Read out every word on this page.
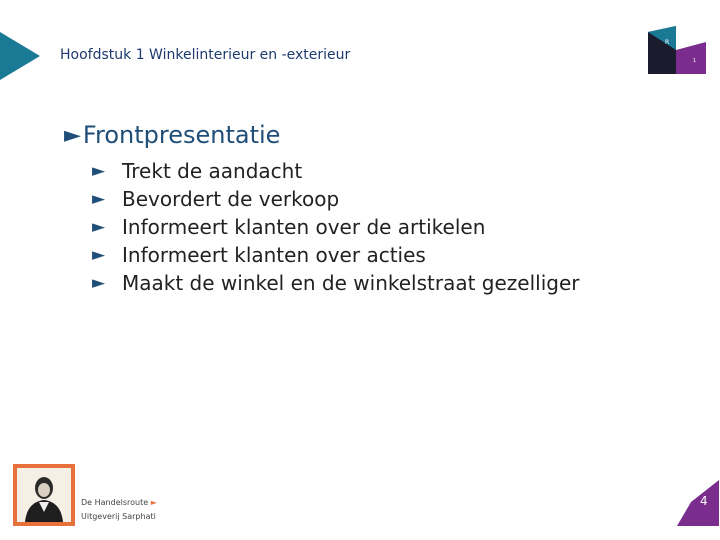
Hoofdstuk 1 Winkelinterieur en -exterieur
R
1
► Frontpresentatie
► Trekt de aandacht
► Bevordert de verkoop
► Informeert klanten over de artikelen
► Informeert klanten over acties
► Maakt de winkel en de winkelstraat gezelliger
De Handelsroute ►
Uitgeverij Sarphati
4
